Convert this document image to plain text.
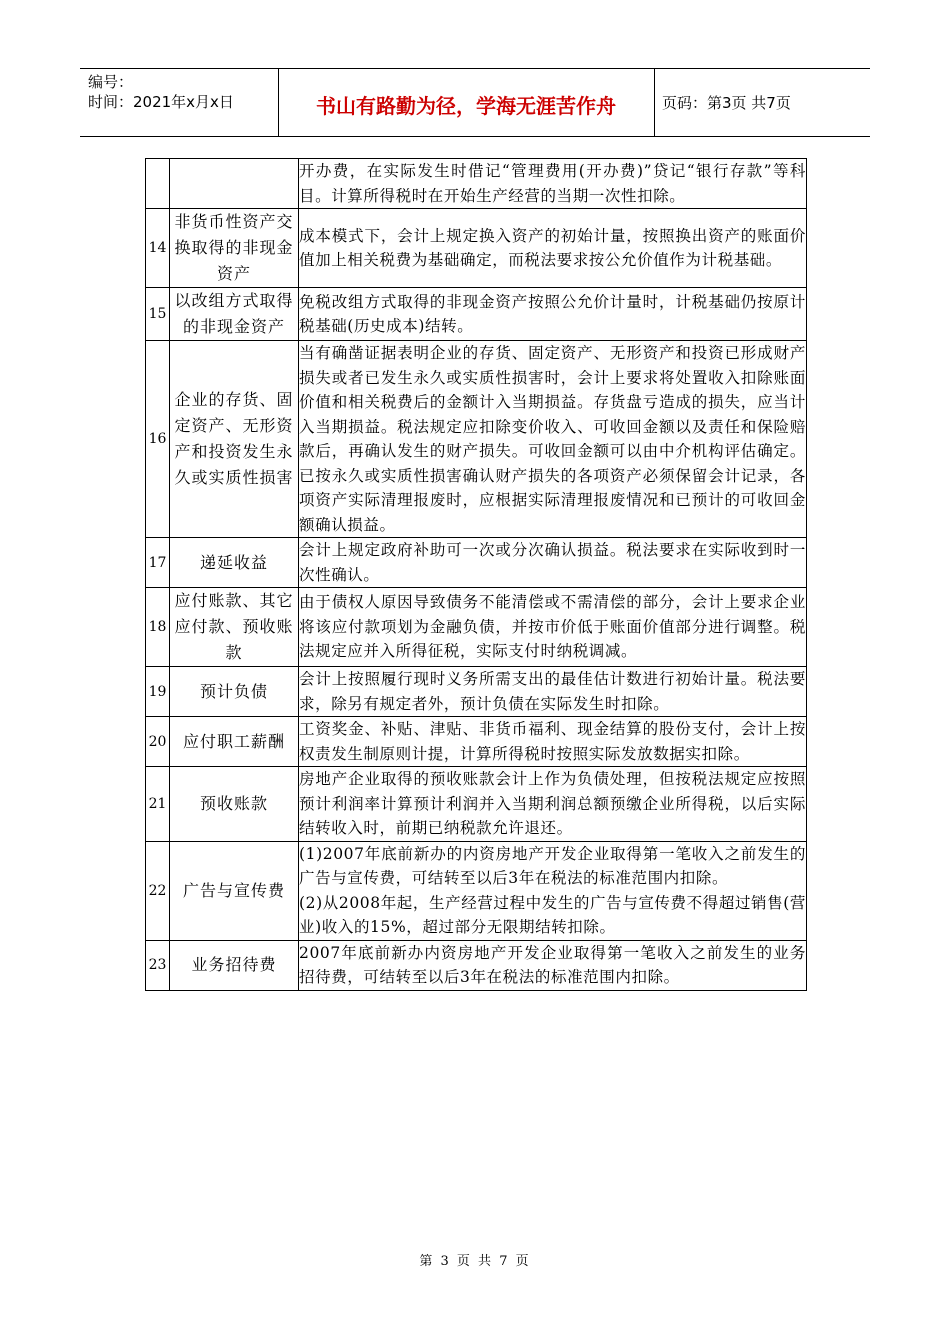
编号：
时间：2021年x月x日	书山有路勤为径，学海无涯苦作舟	页码：第3页 共7页

		开办费，在实际发生时借记“管理费用(开办费)”贷记“银行存款”等科目。计算所得税时在开始生产经营的当期一次性扣除。

14	非货币性资产交换取得的非现金资产	成本模式下，会计上规定换入资产的初始计量，按照换出资产的账面价值加上相关税费为基础确定，而税法要求按公允价值作为计税基础。

15	以改组方式取得的非现金资产	免税改组方式取得的非现金资产按照公允价计量时，计税基础仍按原计税基础(历史成本)结转。

16	企业的存货、固定资产、无形资产和投资发生永久或实质性损害	当有确凿证据表明企业的存货、固定资产、无形资产和投资已形成财产损失或者已发生永久或实质性损害时，会计上要求将处置收入扣除账面价值和相关税费后的金额计入当期损益。存货盘亏造成的损失，应当计入当期损益。税法规定应扣除变价收入、可收回金额以及责任和保险赔款后，再确认发生的财产损失。可收回金额可以由中介机构评估确定。已按永久或实质性损害确认财产损失的各项资产必须保留会计记录，各项资产实际清理报废时，应根据实际清理报废情况和已预计的可收回金额确认损益。

17	递延收益	会计上规定政府补助可一次或分次确认损益。税法要求在实际收到时一次性确认。

18	应付账款、其它应付款、预收账款	由于债权人原因导致债务不能清偿或不需清偿的部分，会计上要求企业将该应付款项划为金融负债，并按市价低于账面价值部分进行调整。税法规定应并入所得征税，实际支付时纳税调减。

19	预计负债	会计上按照履行现时义务所需支出的最佳估计数进行初始计量。税法要求，除另有规定者外，预计负债在实际发生时扣除。

20	应付职工薪酬	工资奖金、补贴、津贴、非货币福利、现金结算的股份支付，会计上按权责发生制原则计提，计算所得税时按照实际发放数据实扣除。

21	预收账款	房地产企业取得的预收账款会计上作为负债处理，但按税法规定应按照预计利润率计算预计利润并入当期利润总额预缴企业所得税，以后实际结转收入时，前期已纳税款允许退还。

22	广告与宣传费	(1)2007年底前新办的内资房地产开发企业取得第一笔收入之前发生的广告与宣传费，可结转至以后3年在税法的标准范围内扣除。
(2)从2008年起，生产经营过程中发生的广告与宣传费不得超过销售(营业)收入的15%，超过部分无限期结转扣除。

23	业务招待费	2007年底前新办内资房地产开发企业取得第一笔收入之前发生的业务招待费，可结转至以后3年在税法的标准范围内扣除。
第 3 页 共 7 页
